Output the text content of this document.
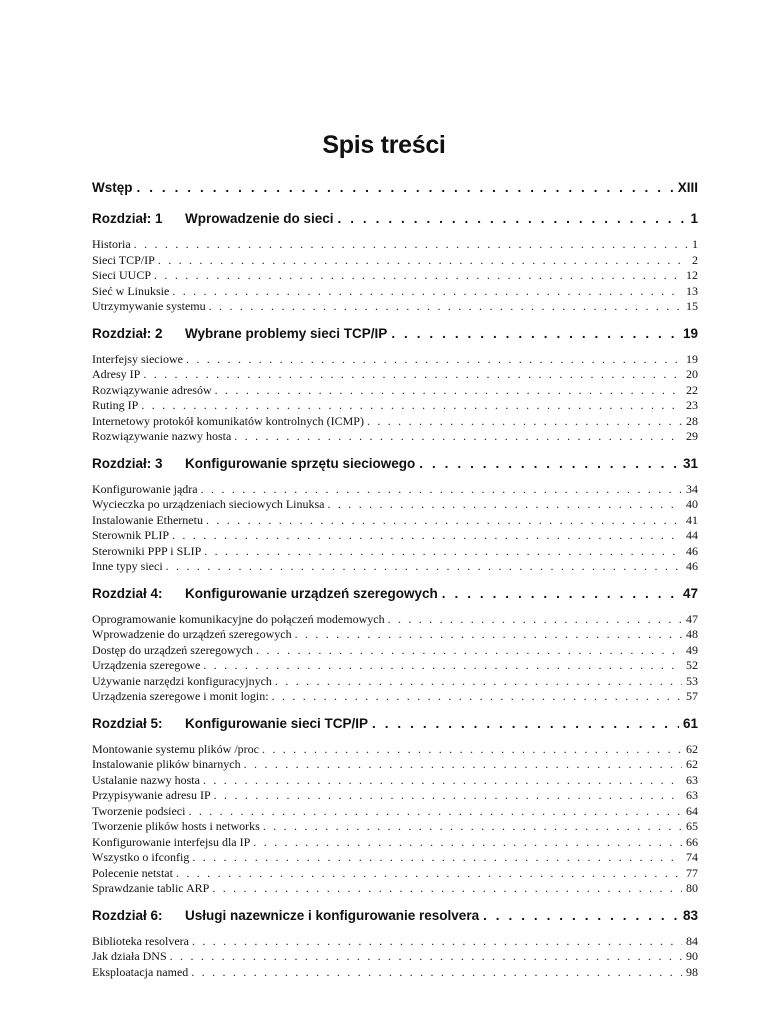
Spis treści
Wstęp . . .	XIII
Rozdział: 1 Wprowadzenie do sieci . . .	1
Historia . . .	1
Sieci TCP/IP . . .	2
Sieci UUCP . . .	12
Sieć w Linuksie . . .	13
Utrzymywanie systemu . . .	15
Rozdział: 2 Wybrane problemy sieci TCP/IP . . .	19
Interfejsy sieciowe . . .	19
Adresy IP . . .	20
Rozwiązywanie adresów . . .	22
Ruting IP . . .	23
Internetowy protokół komunikatów kontrolnych (ICMP) . . .	28
Rozwiązywanie nazwy hosta . . .	29
Rozdział: 3 Konfigurowanie sprzętu sieciowego . . .	31
Konfigurowanie jądra . . .	34
Wycieczka po urządzeniach sieciowych Linuksa . . .	40
Instalowanie Ethernetu . . .	41
Sterownik PLIP . . .	44
Sterowniki PPP i SLIP . . .	46
Inne typy sieci . . .	46
Rozdział 4: Konfigurowanie urządzeń szeregowych . . .	47
Oprogramowanie komunikacyjne do połączeń modemowych . . .	47
Wprowadzenie do urządzeń szeregowych . . .	48
Dostęp do urządzeń szeregowych . . .	49
Urządzenia szeregowe . . .	52
Używanie narzędzi konfiguracyjnych . . .	53
Urządzenia szeregowe i monit login: . . .	57
Rozdział 5: Konfigurowanie sieci TCP/IP . . .	61
Montowanie systemu plików /proc . . .	62
Instalowanie plików binarnych . . .	62
Ustalanie nazwy hosta . . .	63
Przypisywanie adresu IP . . .	63
Tworzenie podsieci . . .	64
Tworzenie plików hosts i networks . . .	65
Konfigurowanie interfejsu dla IP . . .	66
Wszystko o ifconfig . . .	74
Polecenie netstat . . .	77
Sprawdzanie tablic ARP . . .	80
Rozdział 6: Usługi nazewnicze i konfigurowanie resolvera . . .	83
Biblioteka resolvera . . .	84
Jak działa DNS . . .	90
Eksploatacja named . . .	98
